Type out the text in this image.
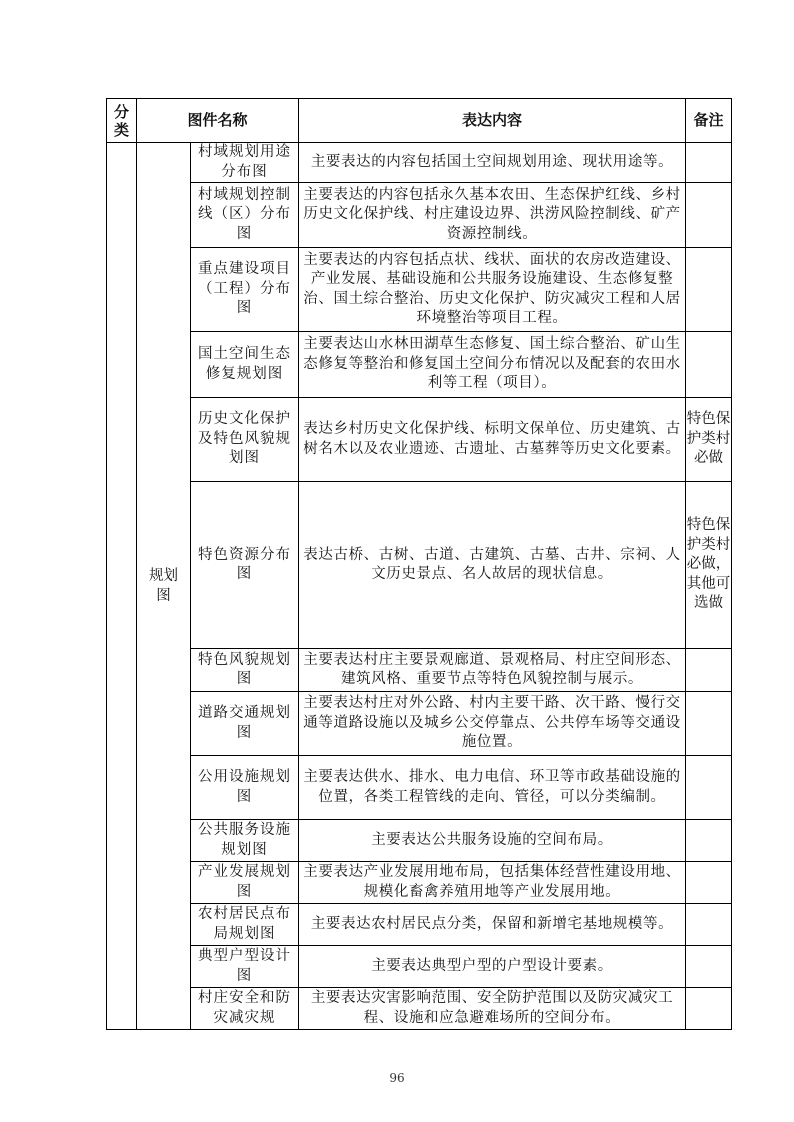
分类	图件名称		表达内容	备注

	规划图	村域规划用途分布图	主要表达的内容包括国土空间规划用途、现状用途等。	
		村域规划控制线（区）分布图	主要表达的内容包括永久基本农田、生态保护红线、乡村历史文化保护线、村庄建设边界、洪涝风险控制线、矿产资源控制线。	
		重点建设项目（工程）分布图	主要表达的内容包括点状、线状、面状的农房改造建设、产业发展、基础设施和公共服务设施建设、生态修复整治、国土综合整治、历史文化保护、防灾减灾工程和人居环境整治等项目工程。	
		国土空间生态修复规划图	主要表达山水林田湖草生态修复、国土综合整治、矿山生态修复等整治和修复国土空间分布情况以及配套的农田水利等工程（项目）。	
		历史文化保护及特色风貌规划图	表达乡村历史文化保护线、标明文保单位、历史建筑、古树名木以及农业遗迹、古遗址、古墓葬等历史文化要素。	特色保护类村必做
		特色资源分布图	表达古桥、古树、古道、古建筑、古墓、古井、宗祠、人文历史景点、名人故居的现状信息。	特色保护类村必做，其他可选做
		特色风貌规划图	主要表达村庄主要景观廊道、景观格局、村庄空间形态、建筑风格、重要节点等特色风貌控制与展示。	
		道路交通规划图	主要表达村庄对外公路、村内主要干路、次干路、慢行交通等道路设施以及城乡公交停靠点、公共停车场等交通设施位置。	
		公用设施规划图	主要表达供水、排水、电力电信、环卫等市政基础设施的位置，各类工程管线的走向、管径，可以分类编制。	
		公共服务设施规划图	主要表达公共服务设施的空间布局。	
		产业发展规划图	主要表达产业发展用地布局，包括集体经营性建设用地、规模化畜禽养殖用地等产业发展用地。	
		农村居民点布局规划图	主要表达农村居民点分类，保留和新增宅基地规模等。	
		典型户型设计图	主要表达典型户型的户型设计要素。	
		村庄安全和防灾减灾规	主要表达灾害影响范围、安全防护范围以及防灾减灾工程、设施和应急避难场所的空间分布。	
96
